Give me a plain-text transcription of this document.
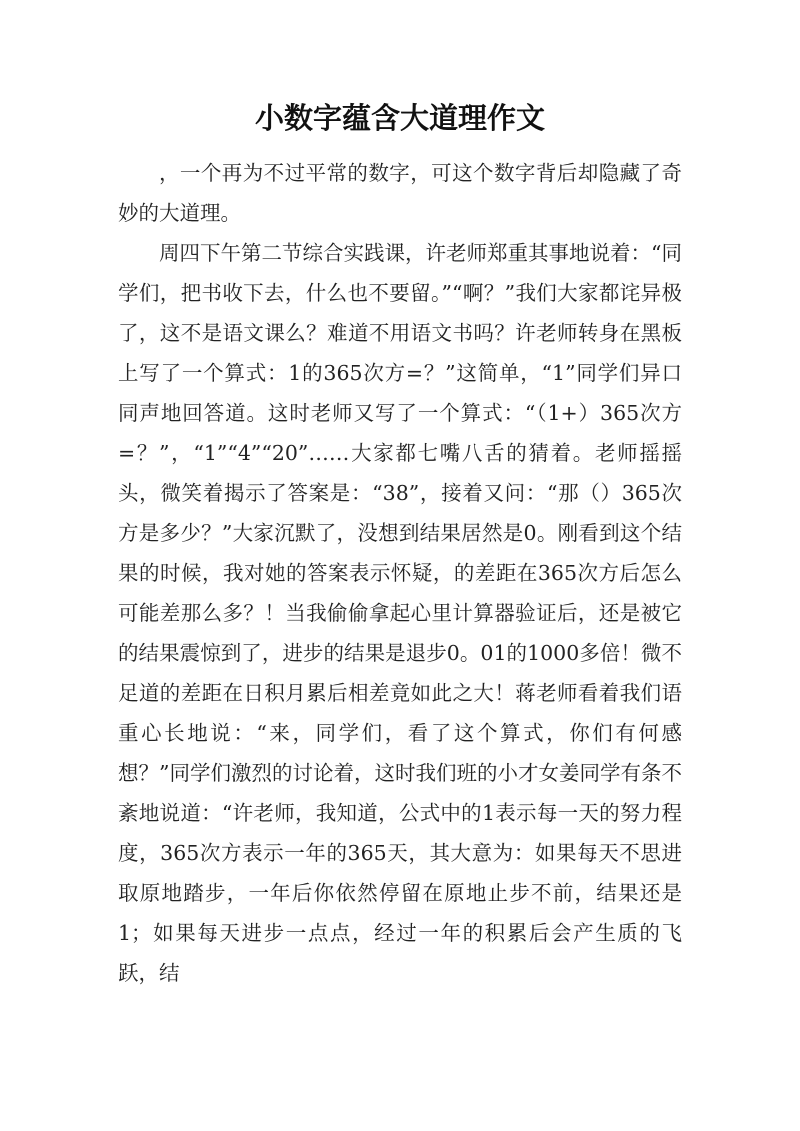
小数字蕴含大道理作文

，一个再为不过平常的数字，可这个数字背后却隐藏了奇妙的大道理。

周四下午第二节综合实践课，许老师郑重其事地说着：“同学们，把书收下去，什么也不要留。”“啊？”我们大家都诧异极了，这不是语文课么？难道不用语文书吗？许老师转身在黑板上写了一个算式：1的365次方=？”这简单，“1”同学们异口同声地回答道。这时老师又写了一个算式：“（1+）365次方=？”，“1”“4”“20”……大家都七嘴八舌的猜着。老师摇摇头，微笑着揭示了答案是：“38”，接着又问：“那（）365次方是多少？”大家沉默了，没想到结果居然是0。刚看到这个结果的时候，我对她的答案表示怀疑，的差距在365次方后怎么可能差那么多？！当我偷偷拿起心里计算器验证后，还是被它的结果震惊到了，进步的结果是退步0。01的1000多倍！微不足道的差距在日积月累后相差竟如此之大！蒋老师看着我们语重心长地说：“来，同学们，看了这个算式，你们有何感想？”同学们激烈的讨论着，这时我们班的小才女姜同学有条不紊地说道：“许老师，我知道，公式中的1表示每一天的努力程度，365次方表示一年的365天，其大意为：如果每天不思进取原地踏步，一年后你依然停留在原地止步不前，结果还是1；如果每天进步一点点，经过一年的积累后会产生质的飞跃，结
